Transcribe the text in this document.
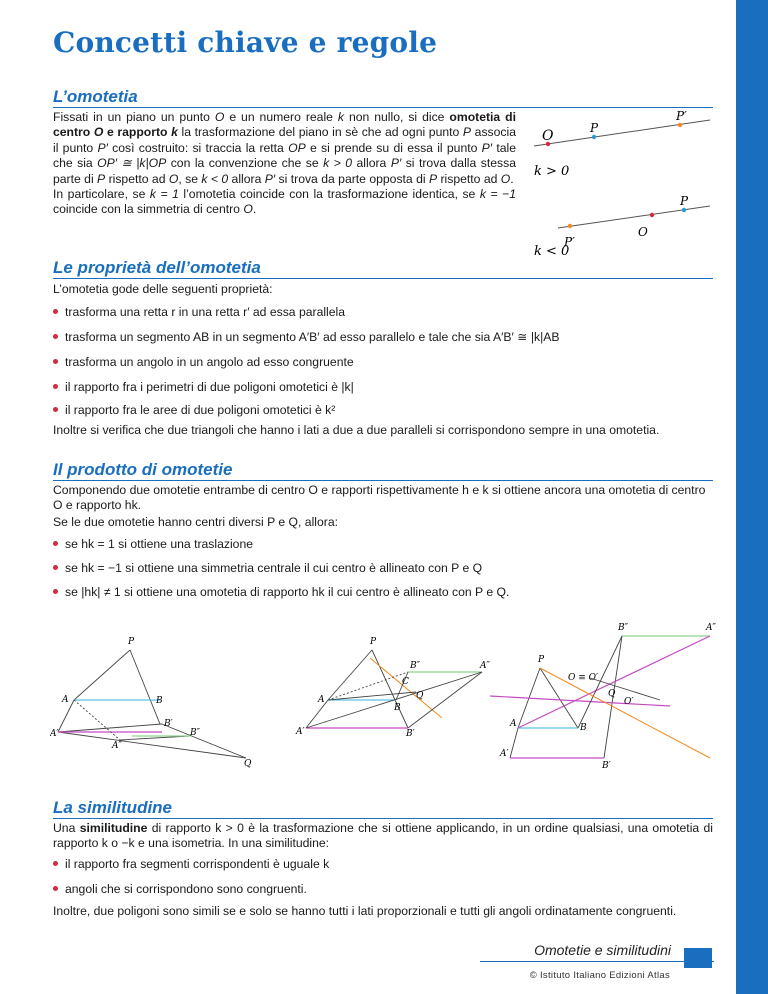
Concetti chiave e regole
L’omotetia

Fissati in un piano un punto O e un numero reale k non nullo, si dice omotetia di centro O e rapporto k la trasformazione del piano in sè che ad ogni punto P associa il punto P′ così costruito: si traccia la retta OP e si prende su di essa il punto P′ tale che sia OP′ ≅ |k|OP con la convenzione che se k > 0 allora P′ si trova dalla stessa parte di P rispetto ad O, se k < 0 allora P′ si trova da parte opposta di P rispetto ad O.
In particolare, se k = 1 l’omotetia coincide con la trasformazione identica, se k = −1 coincide con la simmetria di centro O.

O	P
P′
k > 0
P′
O
P
k < 0
Le proprietà dell’omotetia

L’omotetia gode delle seguenti proprietà:

trasforma una retta r in una retta r′ ad essa parallela

trasforma un segmento AB in un segmento A′B′ ad esso parallelo e tale che sia A′B′ ≅ |k|AB

trasforma un angolo in un angolo ad esso congruente

il rapporto fra i perimetri di due poligoni omotetici è |k|

il rapporto fra le aree di due poligoni omotetici è k²

Inoltre si verifica che due triangoli che hanno i lati a due a due paralleli si corrispondono sempre in una omotetia.

Il prodotto di omotetie

Componendo due omotetie entrambe di centro O e rapporti rispettivamente h e k si ottiene ancora una omotetia di centro O e rapporto hk.

Se le due omotetie hanno centri diversi P e Q, allora:

se hk = 1 si ottiene una traslazione

se hk = −1 si ottiene una simmetria centrale il cui centro è allineato con P e Q

se |hk| ≠ 1 si ottiene una omotetia di rapporto hk il cui centro è allineato con P e Q.

P
A	B
A′
B′
A″
B″
Q
P
A
B
A′	B′
B″	A″
C
Q
P
B″	A″
O ≡ O′
Q
O′
A	B
A′
B′
La similitudine

Una similitudine di rapporto k > 0 è la trasformazione che si ottiene applicando, in un ordine qualsiasi, una omotetia di rapporto k o −k e una isometria. In una similitudine:

il rapporto fra segmenti corrispondenti è uguale k

angoli che si corrispondono sono congruenti.

Inoltre, due poligoni sono simili se e solo se hanno tutti i lati proporzionali e tutti gli angoli ordinatamente congruenti.

Omotetie e similitudini
© Istituto Italiano Edizioni Atlas
